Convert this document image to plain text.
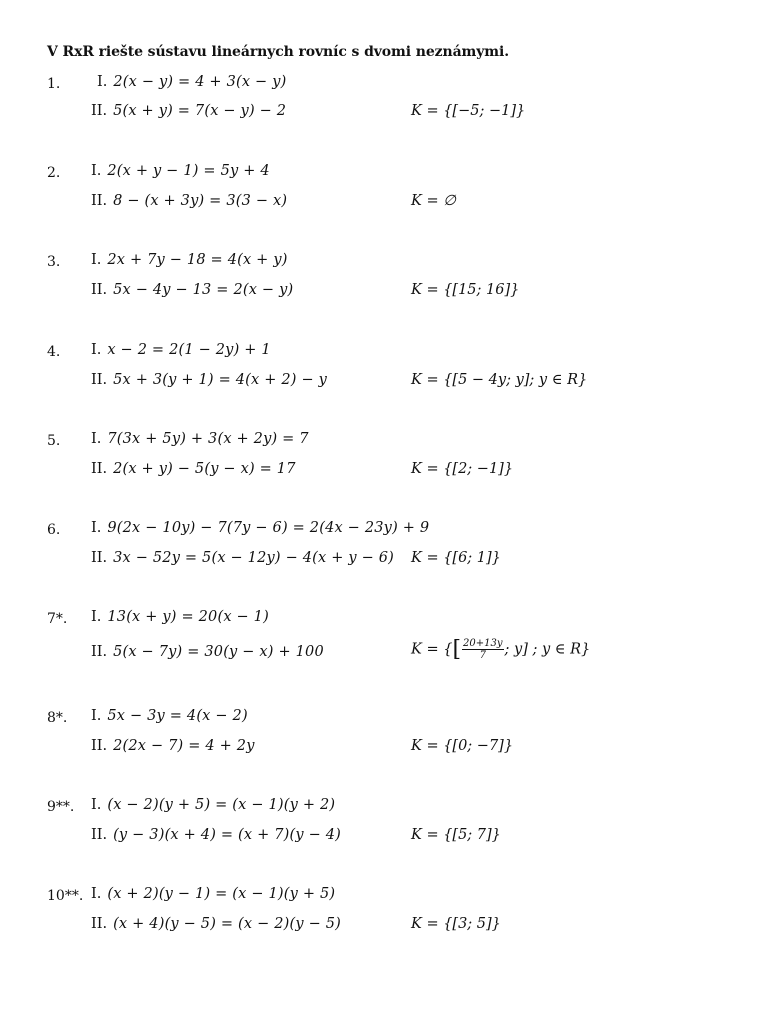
V RxR riešte sústavu lineárnych rovníc s dvomi neznámymi.
1.	I. 2(x − y) = 4 + 3(x − y)
II. 5(x + y) = 7(x − y) − 2	K = {[−5; −1]}
2. I. 2(x + y − 1) = 5y + 4
II. 8 − (x + 3y) = 3(3 − x)	K = ∅
3. I. 2x + 7y − 18 = 4(x + y)
II. 5x − 4y − 13 = 2(x − y)	K = {[15; 16]}
4. I. x − 2 = 2(1 − 2y) + 1
II. 5x + 3(y + 1) = 4(x + 2) − y	K = {[5 − 4y; y]; y ∈ R}
5. I. 7(3x + 5y) + 3(x + 2y) = 7
II. 2(x + y) − 5(y − x) = 17	K = {[2; −1]}
6. I. 9(2x − 10y) − 7(7y − 6) = 2(4x − 23y) + 9
II. 3x − 52y = 5(x − 12y) − 4(x + y − 6) K = {[6; 1]}
7*. I. 13(x + y) = 20(x − 1)
II. 5(x − 7y) = 30(y − x) + 100	K = {[ $\frac{20+13y}{7}$ ; y] ; y ∈ R}
8*. I. 5x − 3y = 4(x − 2)
II. 2(2x − 7) = 4 + 2y	K = {[0; −7]}
9**. I. (x − 2)(y + 5) = (x − 1)(y + 2)
II. (y − 3)(x + 4) = (x + 7)(y − 4)	K = {[5; 7]}
10**. I. (x + 2)(y − 1) = (x − 1)(y + 5)
II. (x + 4)(y − 5) = (x − 2)(y − 5)	K = {[3; 5]}
